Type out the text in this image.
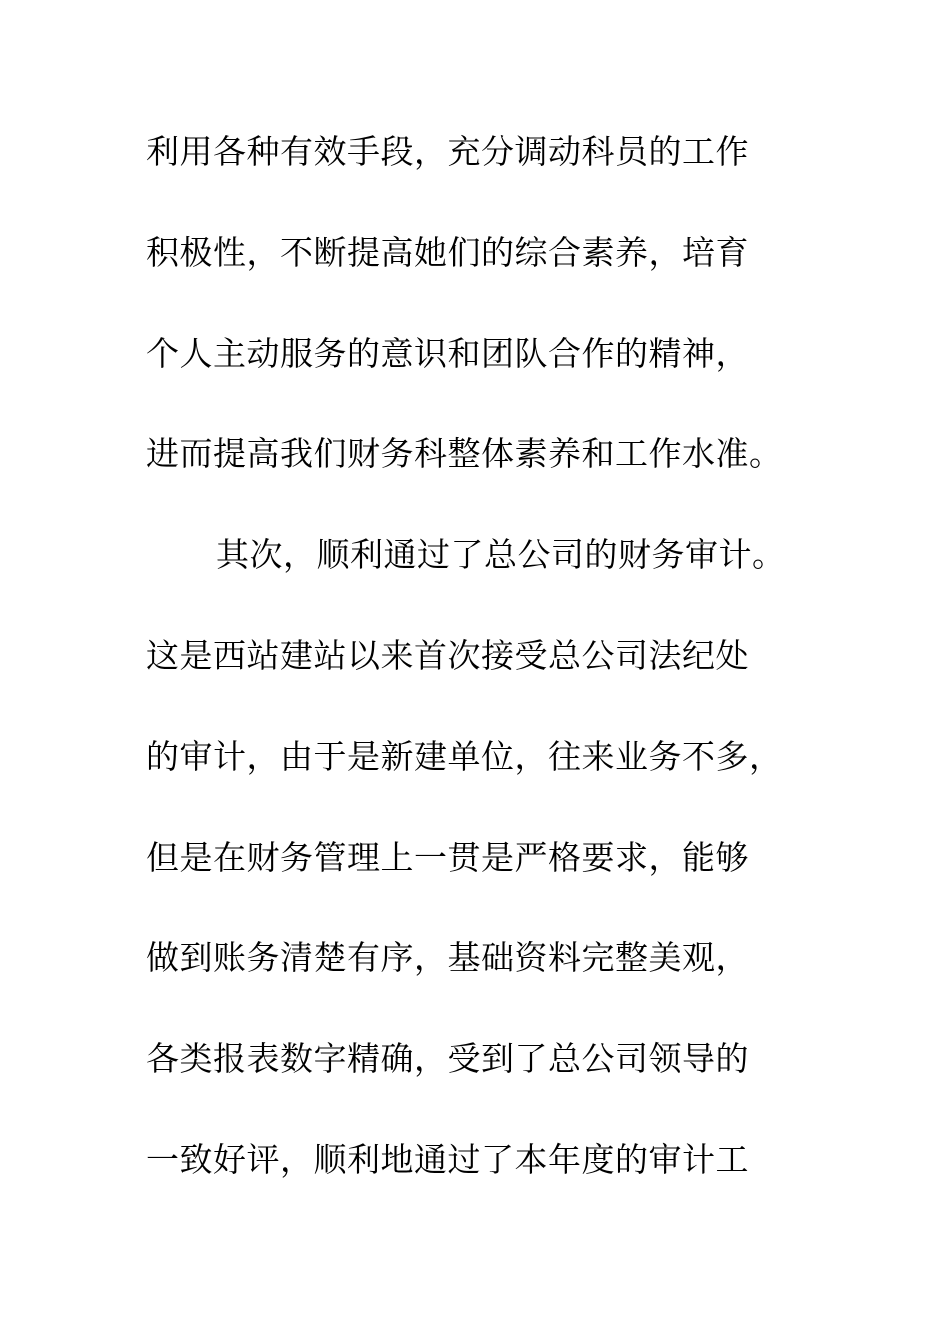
利用各种有效手段，充分调动科员的工作
积极性，不断提高她们的综合素养，培育
个人主动服务的意识和团队合作的精神，
进而提高我们财务科整体素养和工作水准。
其次，顺利通过了总公司的财务审计。
这是西站建站以来首次接受总公司法纪处
的审计，由于是新建单位，往来业务不多，
但是在财务管理上一贯是严格要求，能够
做到账务清楚有序，基础资料完整美观，
各类报表数字精确，受到了总公司领导的
一致好评，顺利地通过了本年度的审计工
